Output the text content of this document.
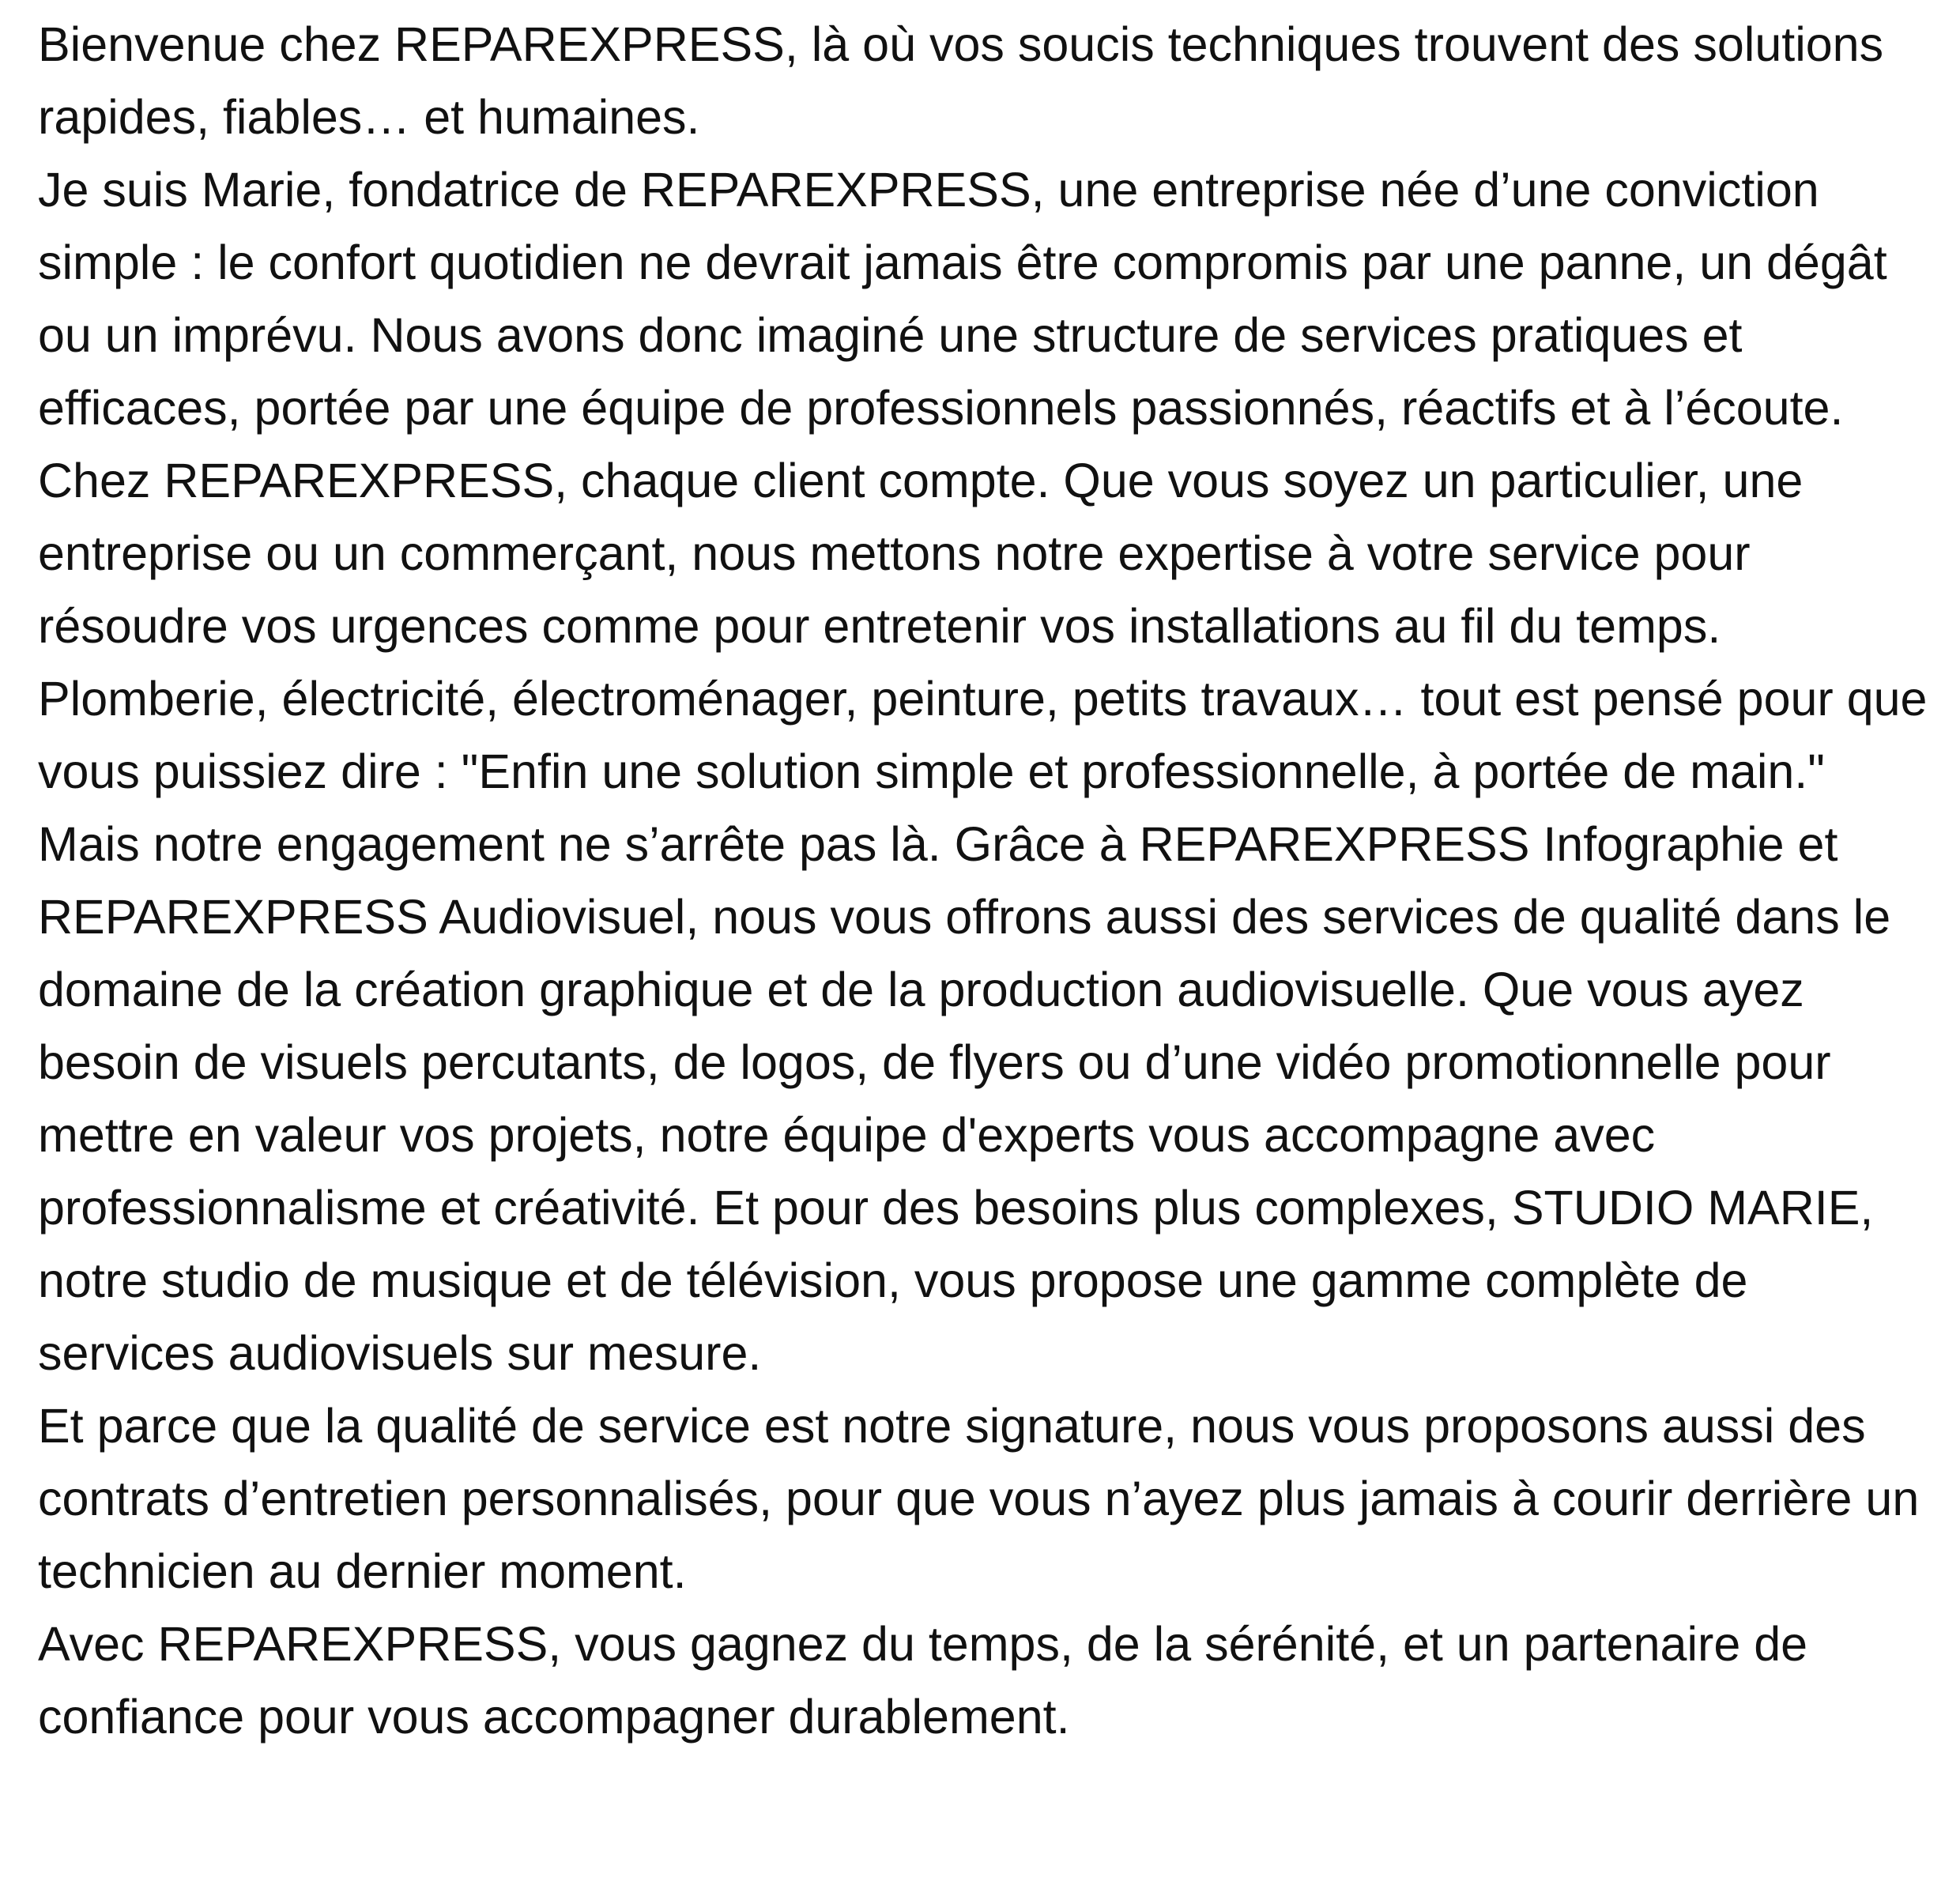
Bienvenue chez REPAREXPRESS, là où vos soucis techniques trouvent des solutions rapides, fiables… et humaines.

Je suis Marie, fondatrice de REPAREXPRESS, une entreprise née d’une conviction simple : le confort quotidien ne devrait jamais être compromis par une panne, un dégât ou un imprévu. Nous avons donc imaginé une structure de services pratiques et efficaces, portée par une équipe de professionnels passionnés, réactifs et à l’écoute.

Chez REPAREXPRESS, chaque client compte. Que vous soyez un particulier, une entreprise ou un commerçant, nous mettons notre expertise à votre service pour résoudre vos urgences comme pour entretenir vos installations au fil du temps. Plomberie, électricité, électroménager, peinture, petits travaux… tout est pensé pour que vous puissiez dire : "Enfin une solution simple et professionnelle, à portée de main."

Mais notre engagement ne s’arrête pas là. Grâce à REPAREXPRESS Infographie et REPAREXPRESS Audiovisuel, nous vous offrons aussi des services de qualité dans le domaine de la création graphique et de la production audiovisuelle. Que vous ayez besoin de visuels percutants, de logos, de flyers ou d’une vidéo promotionnelle pour mettre en valeur vos projets, notre équipe d'experts vous accompagne avec professionnalisme et créativité. Et pour des besoins plus complexes, STUDIO MARIE, notre studio de musique et de télévision, vous propose une gamme complète de services audiovisuels sur mesure.

Et parce que la qualité de service est notre signature, nous vous proposons aussi des contrats d’entretien personnalisés, pour que vous n’ayez plus jamais à courir derrière un technicien au dernier moment.

Avec REPAREXPRESS, vous gagnez du temps, de la sérénité, et un partenaire de confiance pour vous accompagner durablement.
